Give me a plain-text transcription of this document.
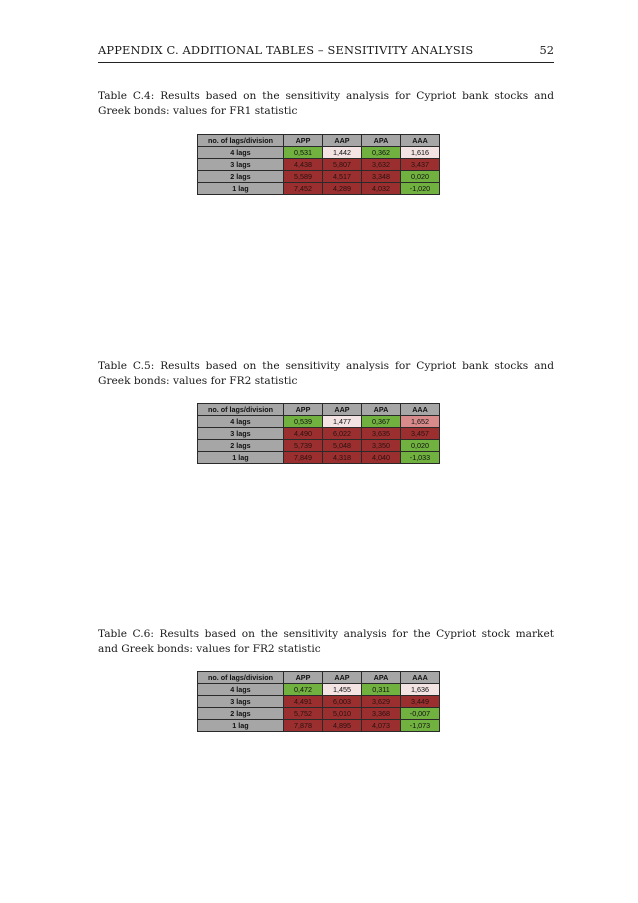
APPENDIX C. ADDITIONAL TABLES – SENSITIVITY ANALYSIS	52
Table C.4: Results based on the sensitivity analysis for Cypriot bank stocks and
Greek bonds: values for FR1 statistic
no. of lags/division	APP	AAP	APA	AAA
4 lags	0,531	1,442	0,362	1,616
3 lags	4,438	5,807	3,632	3,437
2 lags	5,589	4,517	3,348	0,020
1 lag	7,452	4,289	4,032	-1,020
Table C.5: Results based on the sensitivity analysis for Cypriot bank stocks and
Greek bonds: values for FR2 statistic
no. of lags/division	APP	AAP	APA	AAA
4 lags	0,539	1,477	0,367	1,652
3 lags	4,490	6,022	3,635	3,457
2 lags	5,739	5,048	3,350	0,020
1 lag	7,849	4,318	4,040	-1,033
Table C.6: Results based on the sensitivity analysis for the Cypriot stock market
and Greek bonds: values for FR2 statistic
no. of lags/division	APP	AAP	APA	AAA
4 lags	0,472	1,455	0,311	1,636
3 lags	4,491	6,003	3,629	3,449
2 lags	5,752	5,010	3,368	-0,007
1 lag	7,878	4,895	4,073	-1,073
